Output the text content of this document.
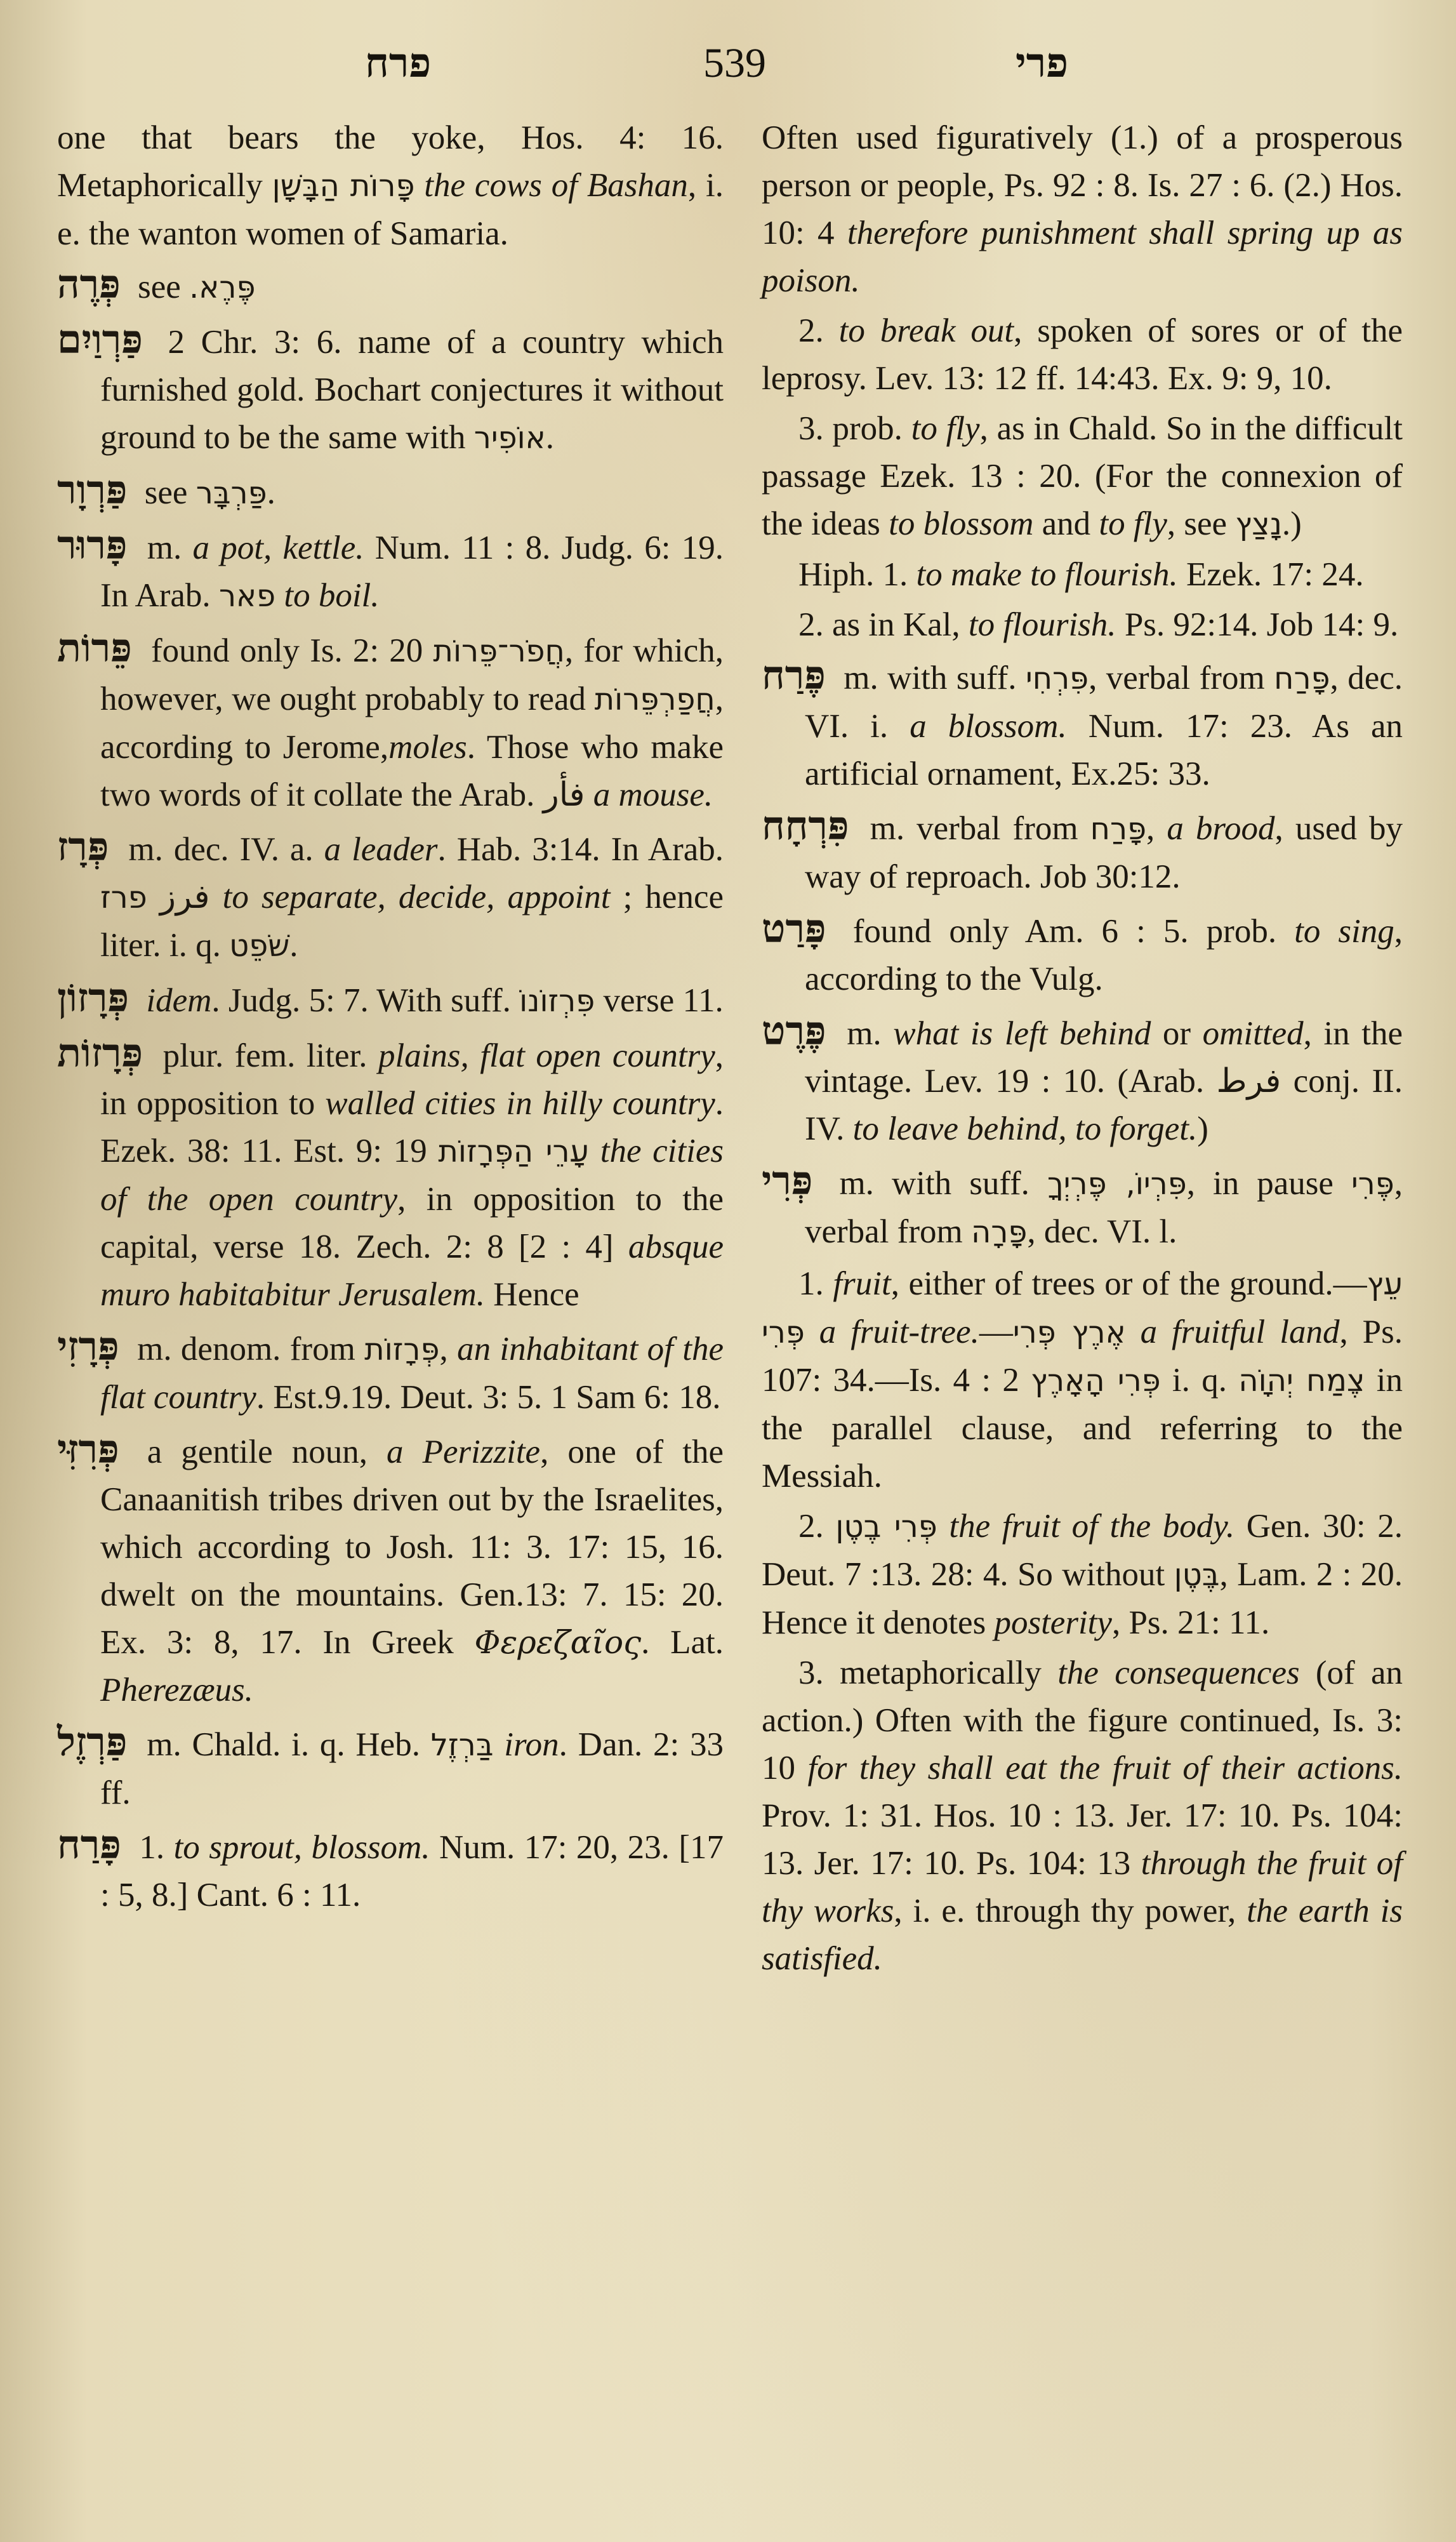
פרח	539	פרי

one that bears the yoke, Hos. 4: 16. Metaphorically פָּרוֹת הַבָּשָׁן the cows of Bashan, i. e. the wanton women of Samaria.

פְּרֶה see פֶּרֶא.

פַּרְוַיִם 2 Chr. 3: 6. name of a country which furnished gold. Bochart conjectures it without ground to be the same with אוֹפִיר.

פַּרְוָר see פַּרְבָּר.

פָּרוּר m. a pot, kettle. Num. 11 : 8. Judg. 6: 19. In Arab. פאר to boil.

פֵּרוֹת found only Is. 2: 20 חֲפֹר־פֵּרוֹת, for which, however, we ought probably to read חֲפַרְפֵּרוֹת, according to Jerome,moles. Those who make two words of it collate the Arab. فأر a mouse.

פְּרָז m. dec. IV. a. a leader. Hab. 3:14. In Arab. פרז فرز to separate, decide, appoint ; hence liter. i. q. שֹׁפֵט.

פְּרָזוֹן idem. Judg. 5: 7. With suff. פִּרְזוֹנוֹ verse 11.

פְּרָזוֹת plur. fem. liter. plains, flat open country, in opposition to walled cities in hilly country. Ezek. 38: 11. Est. 9: 19 עָרֵי הַפְּרָזוֹת the cities of the open country, in opposition to the capital, verse 18. Zech. 2: 8 [2 : 4] absque muro habitabitur Jerusalem. Hence

פְּרָזִי m. denom. from פְּרָזוֹת, an inhabitant of the flat country. Est.9.19. Deut. 3: 5. 1 Sam 6: 18.

פְּרִזִּי a gentile noun, a Perizzite, one of the Canaanitish tribes driven out by the Israelites, which according to Josh. 11: 3. 17: 15, 16. dwelt on the mountains. Gen.13: 7. 15: 20. Ex. 3: 8, 17. In Greek Φερεζαῖος. Lat. Pherezæus.

פַּרְזֶל m. Chald. i. q. Heb. בַּרְזֶל iron. Dan. 2: 33 ff.

פָּרַח 1. to sprout, blossom. Num. 17: 20, 23. [17 : 5, 8.] Cant. 6 : 11.

Often used figuratively (1.) of a prosperous person or people, Ps. 92 : 8. Is. 27 : 6. (2.) Hos. 10: 4 therefore punishment shall spring up as poison.

2. to break out, spoken of sores or of the leprosy. Lev. 13: 12 ff. 14:43. Ex. 9: 9, 10.

3. prob. to fly, as in Chald. So in the difficult passage Ezek. 13 : 20. (For the connexion of the ideas to blossom and to fly, see נָצַץ.)

Hiph. 1. to make to flourish. Ezek. 17: 24.

2. as in Kal, to flourish. Ps. 92:14. Job 14: 9.

פֶּרַח m. with suff. פִּרְחִי, verbal from פָּרַח, dec. VI. i. a blossom. Num. 17: 23. As an artificial ornament, Ex.25: 33.

פִּרְחָח m. verbal from פָּרַח, a brood, used by way of reproach. Job 30:12.

פָּרַט found only Am. 6 : 5. prob. to sing, according to the Vulg.

פֶּרֶט m. what is left behind or omitted, in the vintage. Lev. 19 : 10. (Arab. فرط conj. II. IV. to leave behind, to forget.)

פְּרִי m. with suff. פִּרְיוֹ, פֶּרְיְךָ, in pause פֶּרִי, verbal from פָּרָה, dec. VI. l.

1. fruit, either of trees or of the ground.—עֵץ פְּרִי a fruit-tree.—אֶרֶץ פְּרִי a fruitful land, Ps. 107: 34.—Is. 4 : 2 פְּרִי הָאָרֶץ i. q. צֶמַח יְהוָֹה in the parallel clause, and referring to the Messiah.

2. פְּרִי בֶטֶן the fruit of the body. Gen. 30: 2. Deut. 7 :13. 28: 4. So without בֶּטֶן, Lam. 2 : 20. Hence it denotes posterity, Ps. 21: 11.

3. metaphorically the consequences (of an action.) Often with the figure continued, Is. 3: 10 for they shall eat the fruit of their actions. Prov. 1: 31. Hos. 10 : 13. Jer. 17: 10. Ps. 104: 13. Jer. 17: 10. Ps. 104: 13 through the fruit of thy works, i. e. through thy power, the earth is satisfied.
